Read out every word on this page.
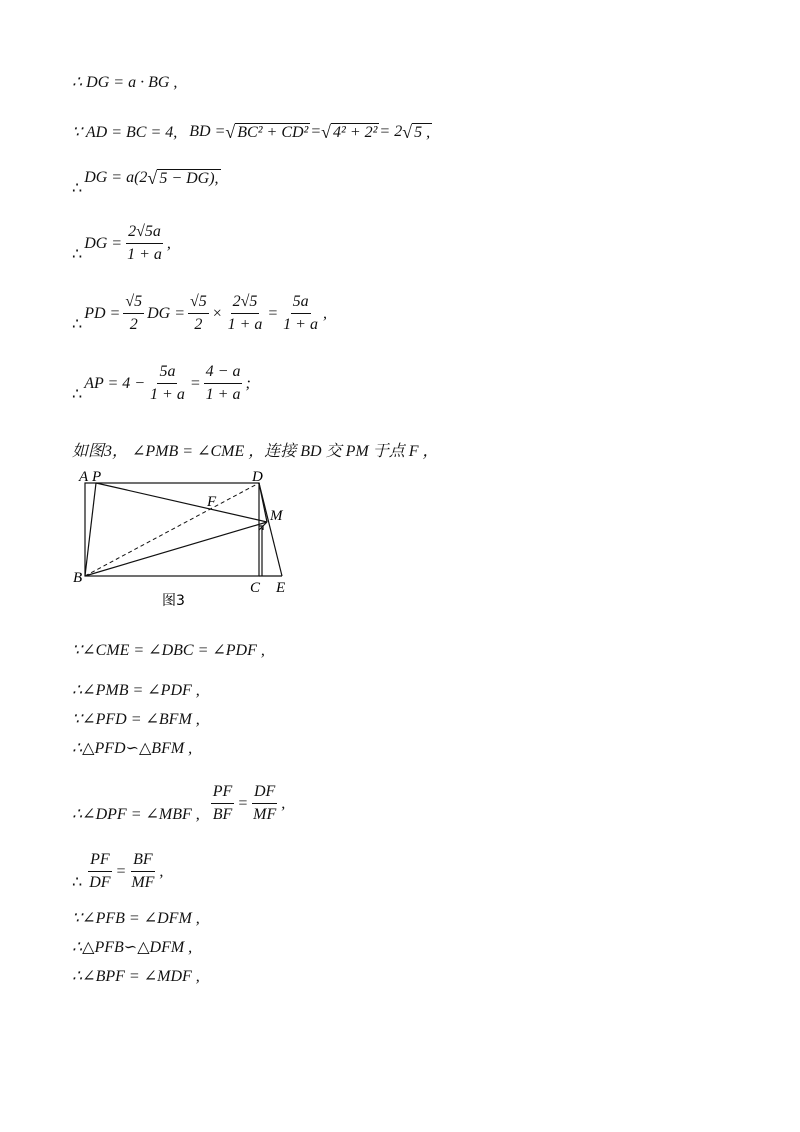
∴ DG = a · BG ,
∵ AD = BC = 4, BD = √ BC² + CD² = √ 4² + 2² = 2 √ 5 ,
∴
DG = a(2 √ 5 − DG),
∴
DG = $\frac{2√5a}{1 + a}$ ,
∴
PD = $\frac{√5}{2}$ DG = $\frac{√5}{2} \times \frac{2√5}{1 + a} = \frac{5a}{1 + a}$ ,
∴
AP = $4 - \frac{5a}{1 + a} = \frac{4 - a}{1 + a}$ ;
如图3， ∠PMB = ∠CME ，连接 BD 交 PM 于点 F ，
A P	D
F
M
B
C E
图3
∵∠CME = ∠DBC = ∠PDF ,
∴∠PMB = ∠PDF ,
∵∠PFD = ∠BFM ,
∴△PFD∽△BFM ,
∴∠DPF = ∠MBF , $\frac{PF}{BF} = \frac{DF}{MF}$ ,
∴ $\frac{PF}{DF} = \frac{BF}{MF}$ ,
∵∠PFB = ∠DFM ,
∴△PFB∽△DFM ,
∴∠BPF = ∠MDF ,
